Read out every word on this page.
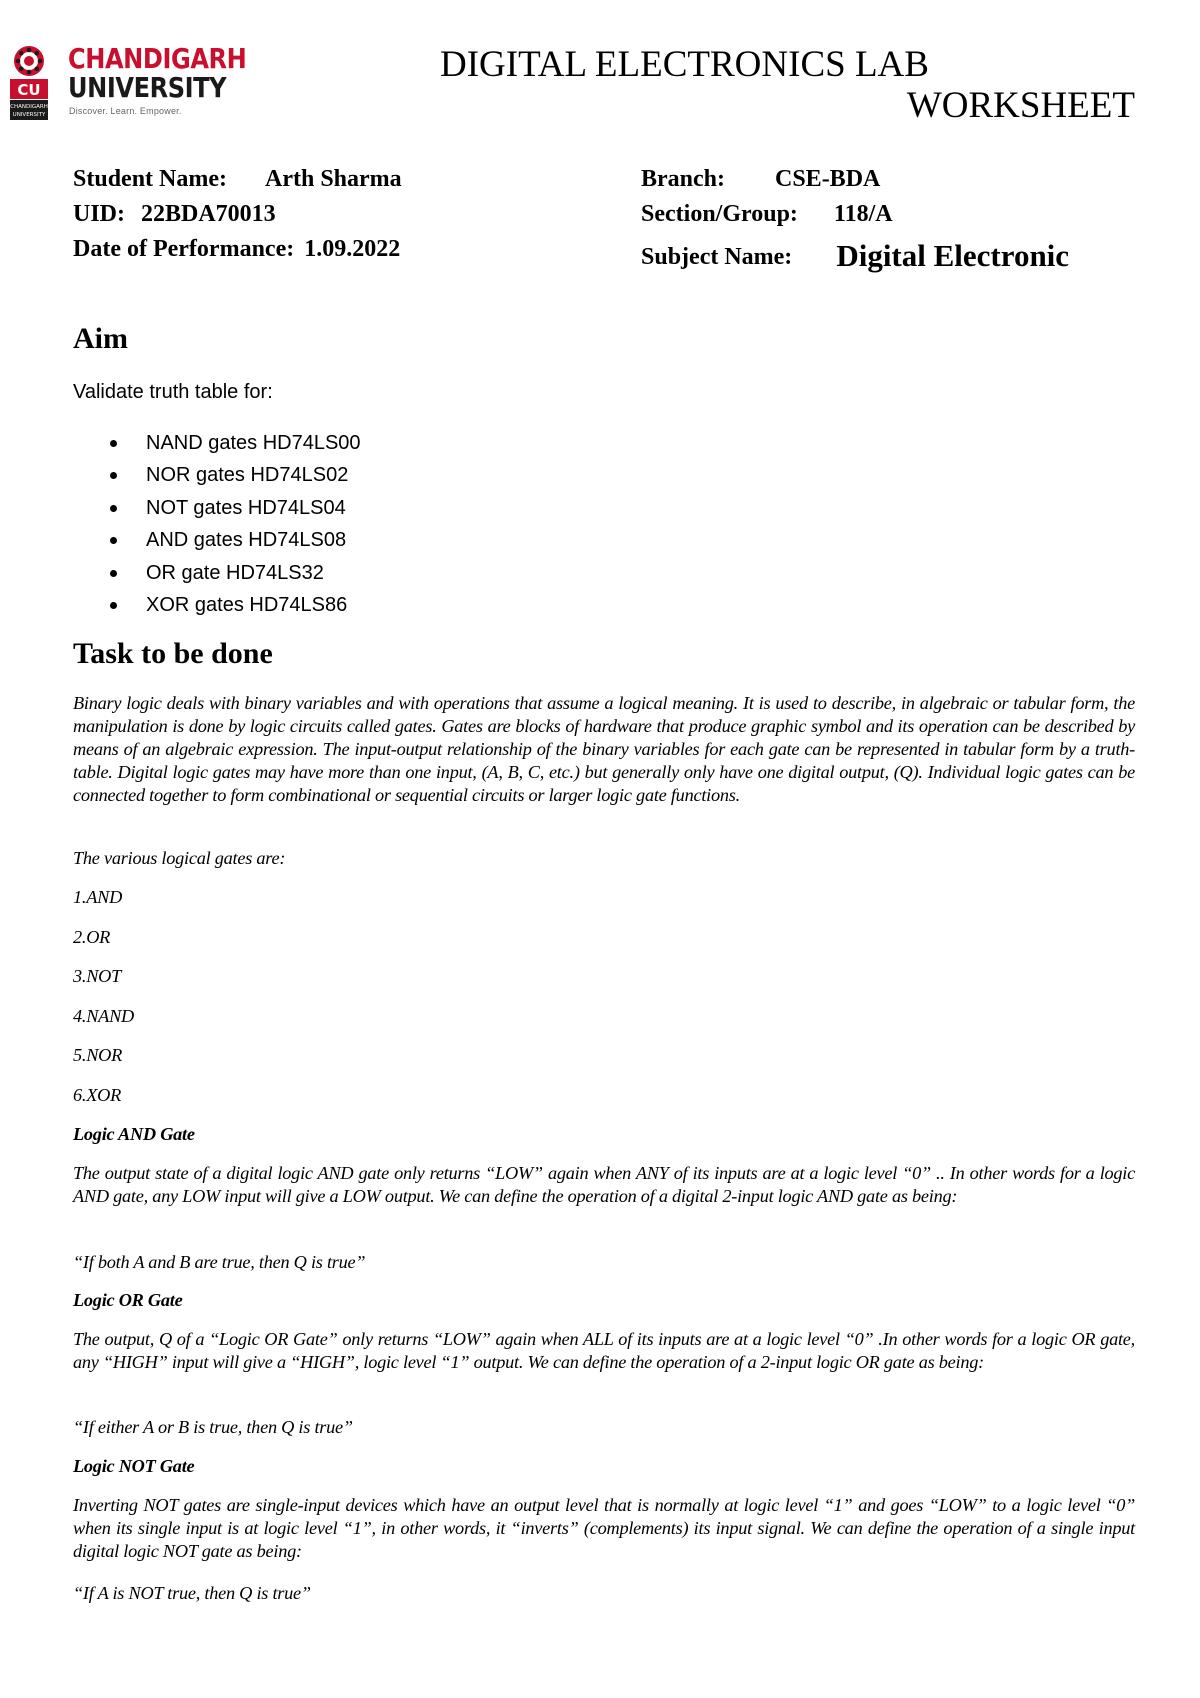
CU
CHANDIGARH
UNIVERSITY
CHANDIGARH
UNIVERSITY
Discover. Learn. Empower.
DIGITAL ELECTRONICS LAB
WORKSHEET
Student Name: Arth Sharma
UID: 22BDA70013
Date of Performance: 1.09.2022
Branch: CSE-BDA
Section/Group: 118/A
Subject Name: Digital Electronic
Aim
Validate truth table for:
NAND gates HD74LS00
NOR gates HD74LS02
NOT gates HD74LS04
AND gates HD74LS08
OR gate HD74LS32
XOR gates HD74LS86
Task to be done

Binary logic deals with binary variables and with operations that assume a logical meaning. It is used to describe, in algebraic or tabular form, the manipulation is done by logic circuits called gates. Gates are blocks of hardware that produce graphic symbol and its operation can be described by means of an algebraic expression. The input-output relationship of the binary variables for each gate can be represented in tabular form by a truth-table. Digital logic gates may have more than one input, (A, B, C, etc.) but generally only have one digital output, (Q). Individual logic gates can be connected together to form combinational or sequential circuits or larger logic gate functions.

The various logical gates are:

1.AND

2.OR

3.NOT

4.NAND

5.NOR

6.XOR

Logic AND Gate

The output state of a digital logic AND gate only returns “LOW” again when ANY of its inputs are at a logic level “0” .. In other words for a logic AND gate, any LOW input will give a LOW output. We can define the operation of a digital 2-input logic AND gate as being:

“If both A and B are true, then Q is true”

Logic OR Gate

The output, Q of a “Logic OR Gate” only returns “LOW” again when ALL of its inputs are at a logic level “0” .In other words for a logic OR gate, any “HIGH” input will give a “HIGH”, logic level “1” output. We can define the operation of a 2-input logic OR gate as being:

“If either A or B is true, then Q is true”

Logic NOT Gate

Inverting NOT gates are single-input devices which have an output level that is normally at logic level “1” and goes “LOW” to a logic level “0” when its single input is at logic level “1”, in other words, it “inverts” (complements) its input signal. We can define the operation of a single input digital logic NOT gate as being:

“If A is NOT true, then Q is true”
